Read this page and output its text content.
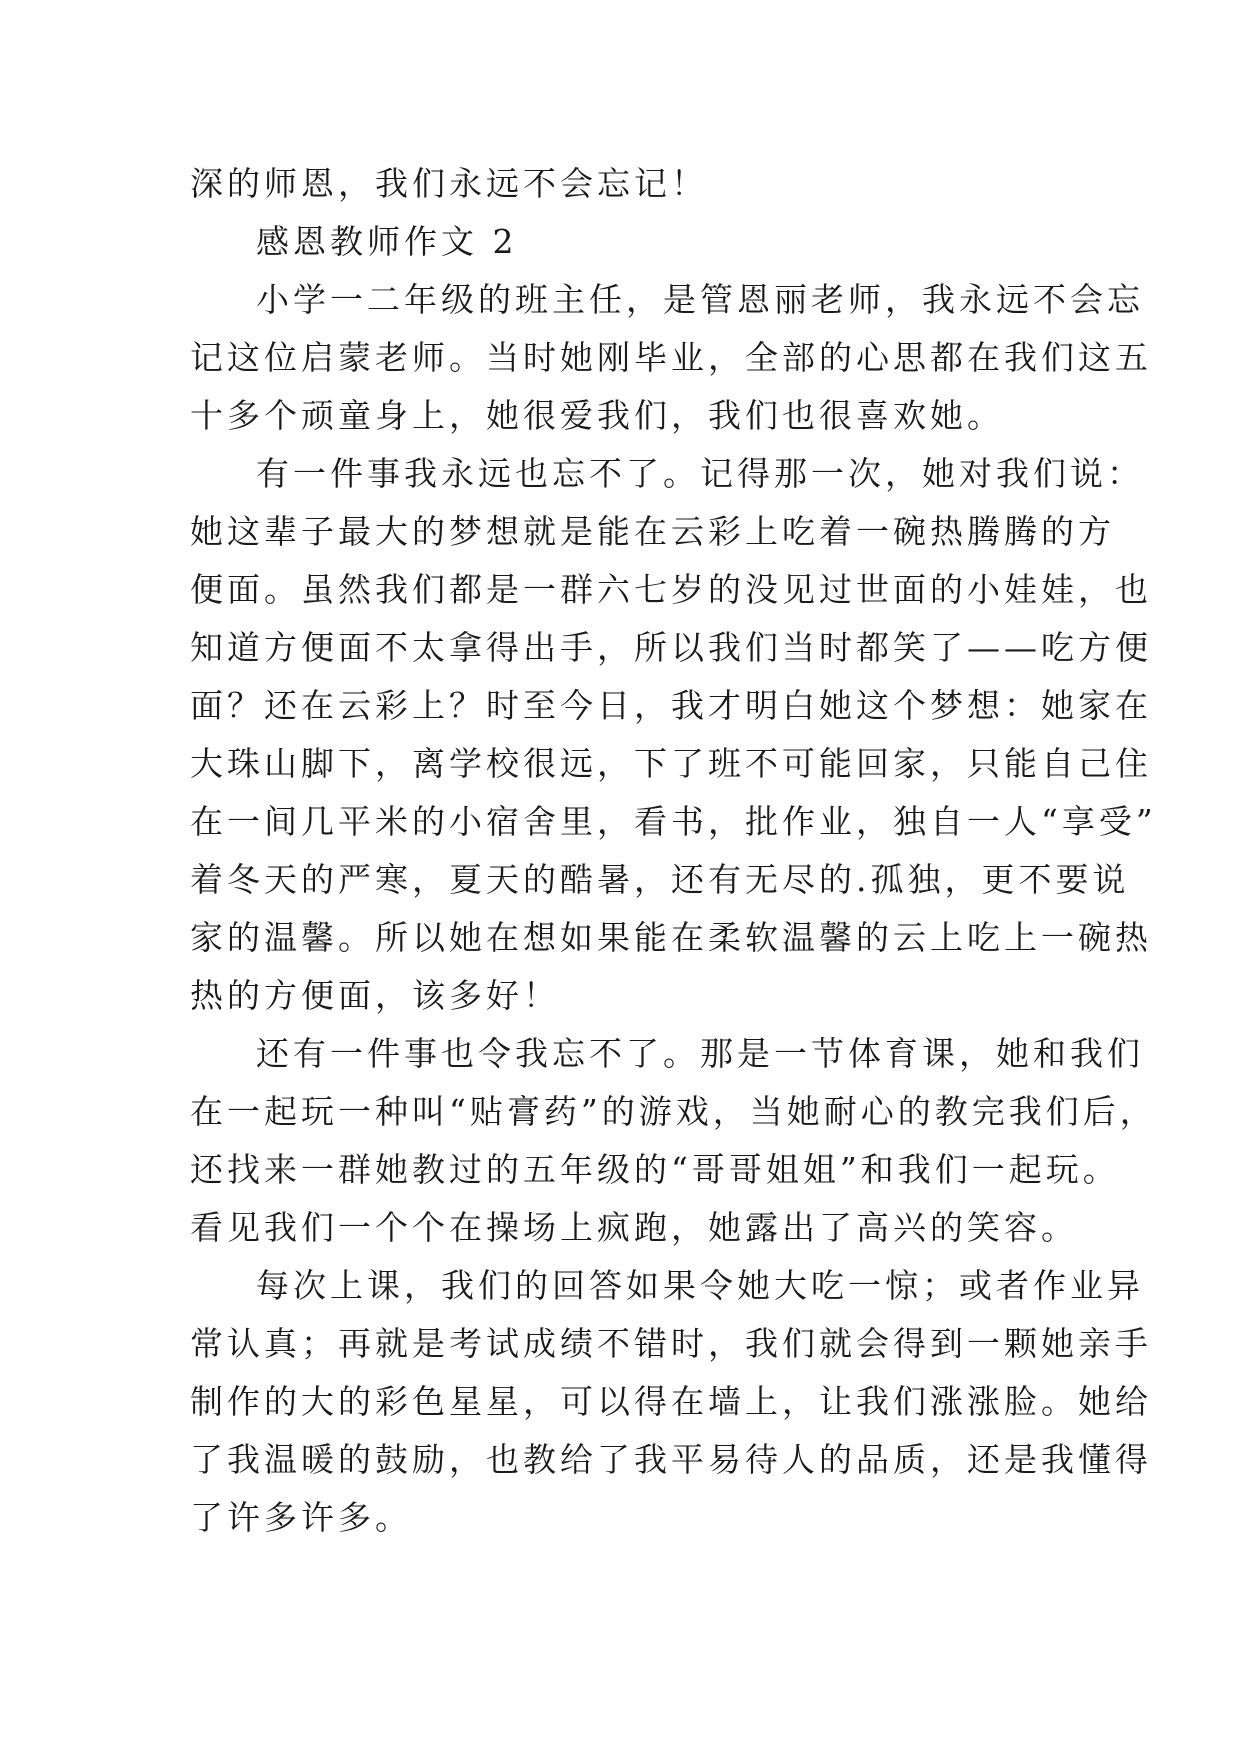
深的师恩，我们永远不会忘记！
感恩教师作文 2
小学一二年级的班主任，是管恩丽老师，我永远不会忘
记这位启蒙老师。当时她刚毕业，全部的心思都在我们这五
十多个顽童身上，她很爱我们，我们也很喜欢她。
有一件事我永远也忘不了。记得那一次，她对我们说：
她这辈子最大的梦想就是能在云彩上吃着一碗热腾腾的方
便面。虽然我们都是一群六七岁的没见过世面的小娃娃，也
知道方便面不太拿得出手，所以我们当时都笑了——吃方便
面？还在云彩上？时至今日，我才明白她这个梦想：她家在
大珠山脚下，离学校很远，下了班不可能回家，只能自己住
在一间几平米的小宿舍里，看书，批作业，独自一人“享受”
着冬天的严寒，夏天的酷暑，还有无尽的.孤独，更不要说
家的温馨。所以她在想如果能在柔软温馨的云上吃上一碗热
热的方便面，该多好！
还有一件事也令我忘不了。那是一节体育课，她和我们
在一起玩一种叫“贴膏药”的游戏，当她耐心的教完我们后，
还找来一群她教过的五年级的“哥哥姐姐”和我们一起玩。
看见我们一个个在操场上疯跑，她露出了高兴的笑容。
每次上课，我们的回答如果令她大吃一惊；或者作业异
常认真；再就是考试成绩不错时，我们就会得到一颗她亲手
制作的大的彩色星星，可以得在墙上，让我们涨涨脸。她给
了我温暖的鼓励，也教给了我平易待人的品质，还是我懂得
了许多许多。
